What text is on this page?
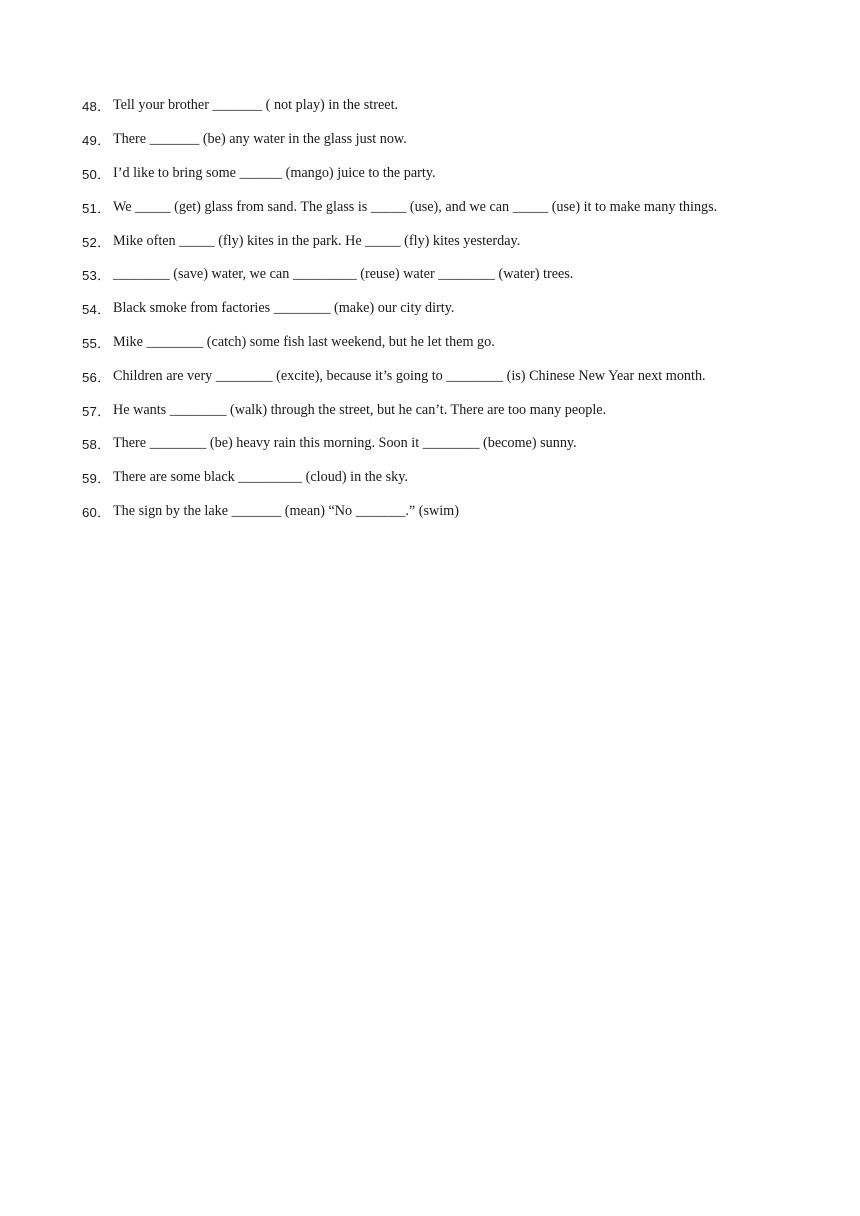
48． Tell your brother _______ ( not play) in the street.
49． There _______ (be) any water in the glass just now.
50． I’d like to bring some ______ (mango) juice to the party.
51． We _____ (get) glass from sand. The glass is _____ (use), and we can _____ (use) it to make many things.
52． Mike often _____ (fly) kites in the park. He _____ (fly) kites yesterday.
53． ________ (save) water, we can _________ (reuse) water ________ (water) trees.
54． Black smoke from factories ________ (make) our city dirty.
55． Mike ________ (catch) some fish last weekend, but he let them go.
56． Children are very ________ (excite), because it’s going to ________ (is) Chinese New Year next month.
57． He wants ________ (walk) through the street, but he can’t. There are too many people.
58． There ________ (be) heavy rain this morning. Soon it ________ (become) sunny.
59． There are some black _________ (cloud) in the sky.
60． The sign by the lake _______ (mean) “No _______.” (swim)
